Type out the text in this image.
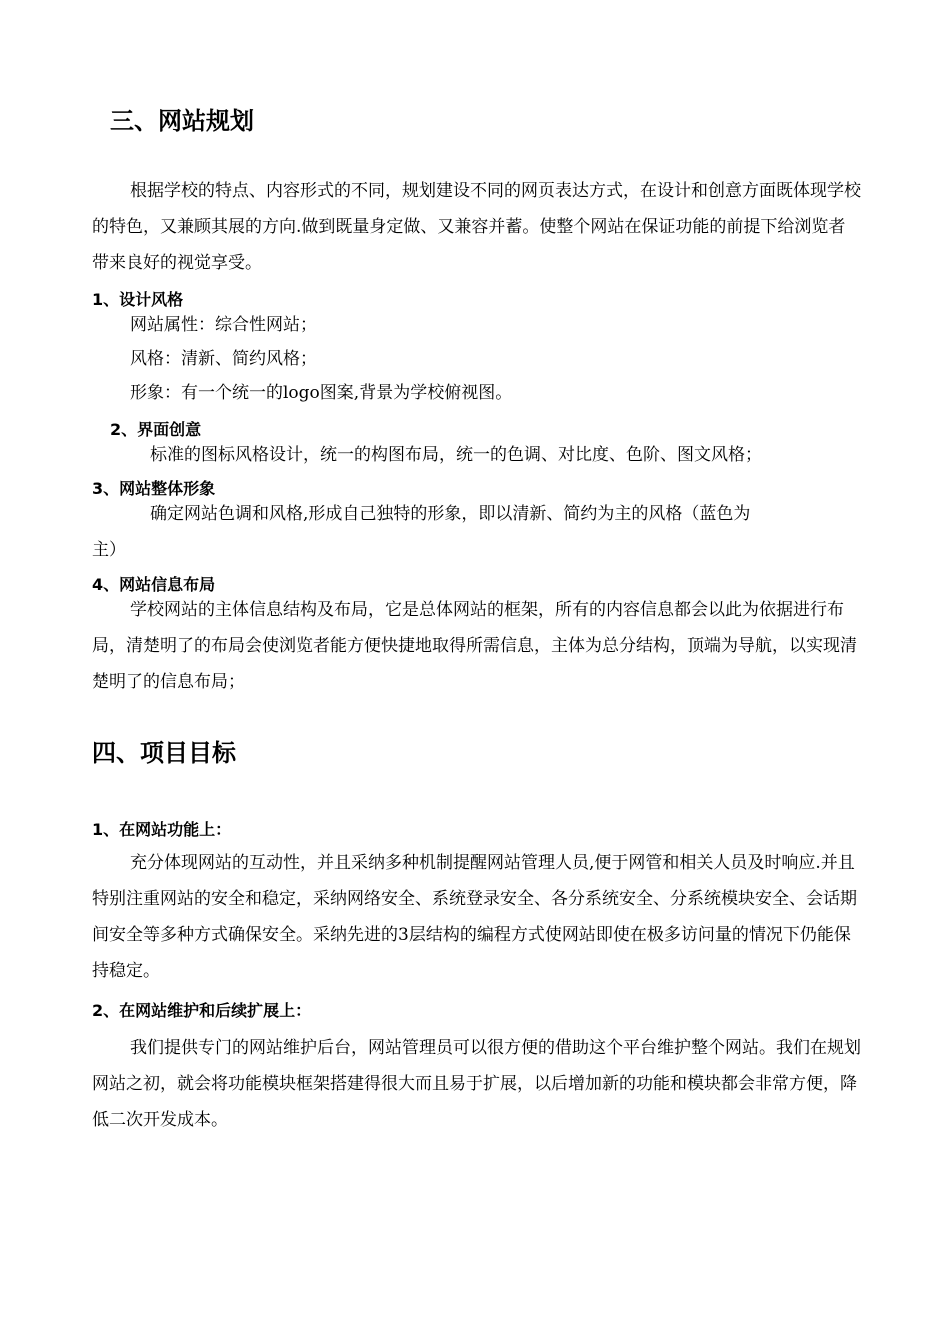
三、网站规划

根据学校的特点、内容形式的不同，规划建设不同的网页表达方式，在设计和创意方面既体现学校的特色，又兼顾其展的方向.做到既量身定做、又兼容并蓄。使整个网站在保证功能的前提下给浏览者带来良好的视觉享受。

1、设计风格

网站属性：综合性网站；

风格：清新、简约风格；

形象：有一个统一的logo图案,背景为学校俯视图。

2、界面创意

标准的图标风格设计，统一的构图布局，统一的色调、对比度、色阶、图文风格；

3、网站整体形象

确定网站色调和风格,形成自己独特的形象，即以清新、简约为主的风格（蓝色为

主）

4、网站信息布局

学校网站的主体信息结构及布局，它是总体网站的框架，所有的内容信息都会以此为依据进行布局，清楚明了的布局会使浏览者能方便快捷地取得所需信息，主体为总分结构，顶端为导航，以实现清楚明了的信息布局；

四、项目目标
1、在网站功能上：

充分体现网站的互动性，并且采纳多种机制提醒网站管理人员,便于网管和相关人员及时响应.并且特别注重网站的安全和稳定，采纳网络安全、系统登录安全、各分系统安全、分系统模块安全、会话期间安全等多种方式确保安全。采纳先进的3层结构的编程方式使网站即使在极多访问量的情况下仍能保持稳定。

2、在网站维护和后续扩展上：

我们提供专门的网站维护后台，网站管理员可以很方便的借助这个平台维护整个网站。我们在规划网站之初，就会将功能模块框架搭建得很大而且易于扩展，以后增加新的功能和模块都会非常方便，降低二次开发成本。
